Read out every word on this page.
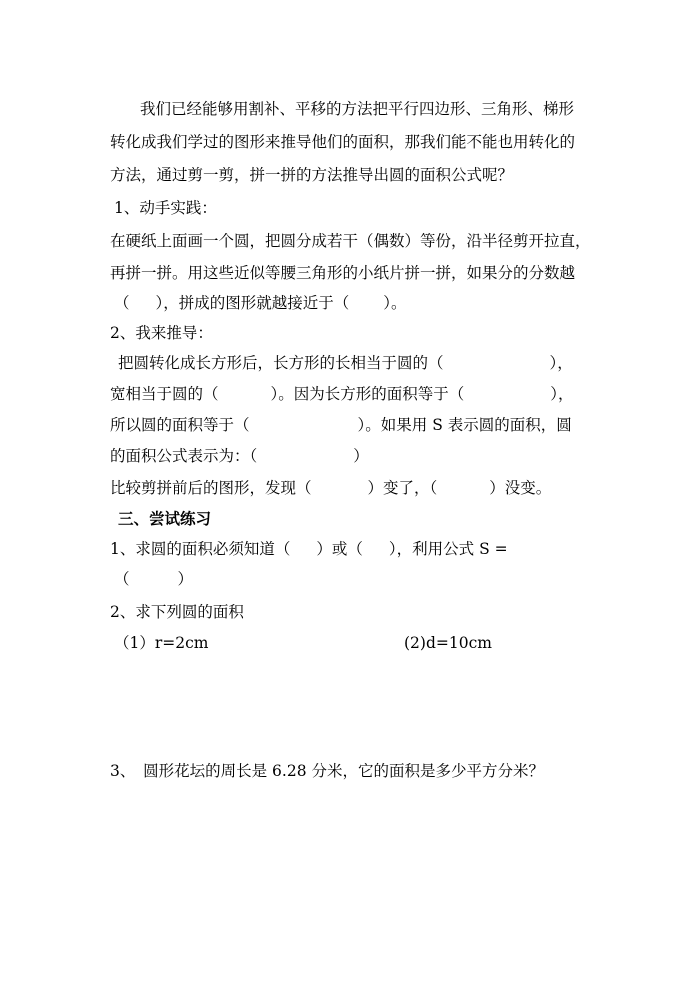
我们已经能够用割补、平移的方法把平行四边形、三角形、梯形
转化成我们学过的图形来推导他们的面积，那我们能不能也用转化的
方法，通过剪一剪，拼一拼的方法推导出圆的面积公式呢？
1、动手实践：
在硬纸上面画一个圆，把圆分成若干（偶数）等份，沿半径剪开拉直，
再拼一拼。用这些近似等腰三角形的小纸片拼一拼，如果分的分数越
（ ），拼成的图形就越接近于（ ）。
2、我来推导：
把圆转化成长方形后，长方形的长相当于圆的（	），
宽相当于圆的（	）。因为长方形的面积等于（	），
所以圆的面积等于（	）。如果用 S 表示圆的面积，圆
的面积公式表示为：（	）
比较剪拼前后的图形，发现（	）变了，（	）没变。
三、尝试练习
1、求圆的面积必须知道（ ）或（ ），利用公式 S =
（	）
2、求下列圆的面积
（1）r=2cm	(2)d=10cm
3、　圆形花坛的周长是 6.28 分米，它的面积是多少平方分米？
